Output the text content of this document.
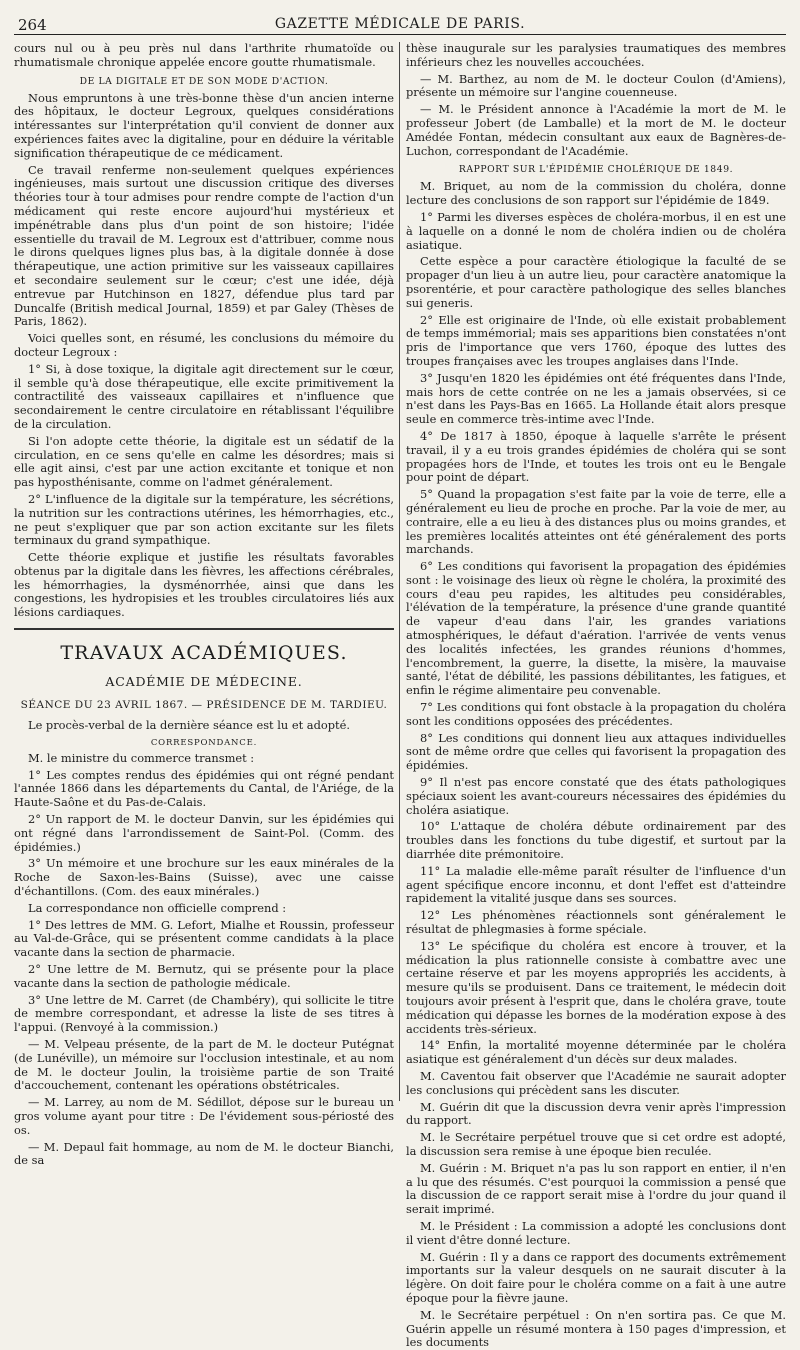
264	GAZETTE MÉDICALE DE PARIS.

cours nul ou à peu près nul dans l'arthrite rhumatoïde ou rhumatismale chronique appelée encore goutte rhumatismale.

DE LA DIGITALE ET DE SON MODE D'ACTION.

Nous empruntons à une très-bonne thèse d'un ancien interne des hôpitaux, le docteur Legroux, quelques considérations intéressantes sur l'interprétation qu'il convient de donner aux expériences faites avec la digitaline, pour en déduire la véritable signification thérapeutique de ce médicament.

Ce travail renferme non-seulement quelques expériences ingénieuses, mais surtout une discussion critique des diverses théories tour à tour admises pour rendre compte de l'action d'un médicament qui reste encore aujourd'hui mystérieux et impénétrable dans plus d'un point de son histoire; l'idée essentielle du travail de M. Legroux est d'attribuer, comme nous le dirons quelques lignes plus bas, à la digitale donnée à dose thérapeutique, une action primitive sur les vaisseaux capillaires et secondaire seulement sur le cœur; c'est une idée, déjà entrevue par Hutchinson en 1827, défendue plus tard par Duncalfe (British medical Journal, 1859) et par Galey (Thèses de Paris, 1862).

Voici quelles sont, en résumé, les conclusions du mémoire du docteur Legroux :

1° Si, à dose toxique, la digitale agit directement sur le cœur, il semble qu'à dose thérapeutique, elle excite primitivement la contractilité des vaisseaux capillaires et n'influence que secondairement le centre circulatoire en rétablissant l'équilibre de la circulation.

Si l'on adopte cette théorie, la digitale est un sédatif de la circulation, en ce sens qu'elle en calme les désordres; mais si elle agit ainsi, c'est par une action excitante et tonique et non pas hyposthénisante, comme on l'admet généralement.

2° L'influence de la digitale sur la température, les sécrétions, la nutrition sur les contractions utérines, les hémorrhagies, etc., ne peut s'expliquer que par son action excitante sur les filets terminaux du grand sympathique.

Cette théorie explique et justifie les résultats favorables obtenus par la digitale dans les fièvres, les affections cérébrales, les hémorrhagies, la dysménorrhée, ainsi que dans les congestions, les hydropisies et les troubles circulatoires liés aux lésions cardiaques.

TRAVAUX ACADÉMIQUES.
ACADÉMIE DE MÉDECINE.
SÉANCE DU 23 AVRIL 1867. — PRÉSIDENCE DE M. TARDIEU.

Le procès-verbal de la dernière séance est lu et adopté.

CORRESPONDANCE.

M. le ministre du commerce transmet :

1° Les comptes rendus des épidémies qui ont régné pendant l'année 1866 dans les départements du Cantal, de l'Ariége, de la Haute-Saône et du Pas-de-Calais.

2° Un rapport de M. le docteur Danvin, sur les épidémies qui ont régné dans l'arrondissement de Saint-Pol. (Comm. des épidémies.)

3° Un mémoire et une brochure sur les eaux minérales de la Roche de Saxon-les-Bains (Suisse), avec une caisse d'échantillons. (Com. des eaux minérales.)

La correspondance non officielle comprend :

1° Des lettres de MM. G. Lefort, Mialhe et Roussin, professeur au Val-de-Grâce, qui se présentent comme candidats à la place vacante dans la section de pharmacie.

2° Une lettre de M. Bernutz, qui se présente pour la place vacante dans la section de pathologie médicale.

3° Une lettre de M. Carret (de Chambéry), qui sollicite le titre de membre correspondant, et adresse la liste de ses titres à l'appui. (Renvoyé à la commission.)

— M. Velpeau présente, de la part de M. le docteur Putégnat (de Lunéville), un mémoire sur l'occlusion intestinale, et au nom de M. le docteur Joulin, la troisième partie de son Traité d'accouchement, contenant les opérations obstétricales.

— M. Larrey, au nom de M. Sédillot, dépose sur le bureau un gros volume ayant pour titre : De l'évidement sous-périosté des os.

— M. Depaul fait hommage, au nom de M. le docteur Bianchi, de sa

thèse inaugurale sur les paralysies traumatiques des membres inférieurs chez les nouvelles accouchées.

— M. Barthez, au nom de M. le docteur Coulon (d'Amiens), présente un mémoire sur l'angine couenneuse.

— M. le Président annonce à l'Académie la mort de M. le professeur Jobert (de Lamballe) et la mort de M. le docteur Amédée Fontan, médecin consultant aux eaux de Bagnères-de-Luchon, correspondant de l'Académie.

RAPPORT SUR L'ÉPIDÉMIE CHOLÉRIQUE DE 1849.

M. Briquet, au nom de la commission du choléra, donne lecture des conclusions de son rapport sur l'épidémie de 1849.

1° Parmi les diverses espèces de choléra-morbus, il en est une à laquelle on a donné le nom de choléra indien ou de choléra asiatique.

Cette espèce a pour caractère étiologique la faculté de se propager d'un lieu à un autre lieu, pour caractère anatomique la psorentérie, et pour caractère pathologique des selles blanches sui generis.

2° Elle est originaire de l'Inde, où elle existait probablement de temps immémorial; mais ses apparitions bien constatées n'ont pris de l'importance que vers 1760, époque des luttes des troupes françaises avec les troupes anglaises dans l'Inde.

3° Jusqu'en 1820 les épidémies ont été fréquentes dans l'Inde, mais hors de cette contrée on ne les a jamais observées, si ce n'est dans les Pays-Bas en 1665. La Hollande était alors presque seule en commerce très-intime avec l'Inde.

4° De 1817 à 1850, époque à laquelle s'arrête le présent travail, il y a eu trois grandes épidémies de choléra qui se sont propagées hors de l'Inde, et toutes les trois ont eu le Bengale pour point de départ.

5° Quand la propagation s'est faite par la voie de terre, elle a généralement eu lieu de proche en proche. Par la voie de mer, au contraire, elle a eu lieu à des distances plus ou moins grandes, et les premières localités atteintes ont été généralement des ports marchands.

6° Les conditions qui favorisent la propagation des épidémies sont : le voisinage des lieux où règne le choléra, la proximité des cours d'eau peu rapides, les altitudes peu considérables, l'élévation de la température, la présence d'une grande quantité de vapeur d'eau dans l'air, les grandes variations atmosphériques, le défaut d'aération. l'arrivée de vents venus des localités infectées, les grandes réunions d'hommes, l'encombrement, la guerre, la disette, la misère, la mauvaise santé, l'état de débilité, les passions débilitantes, les fatigues, et enfin le régime alimentaire peu convenable.

7° Les conditions qui font obstacle à la propagation du choléra sont les conditions opposées des précédentes.

8° Les conditions qui donnent lieu aux attaques individuelles sont de même ordre que celles qui favorisent la propagation des épidémies.

9° Il n'est pas encore constaté que des états pathologiques spéciaux soient les avant-coureurs nécessaires des épidémies du choléra asiatique.

10° L'attaque de choléra débute ordinairement par des troubles dans les fonctions du tube digestif, et surtout par la diarrhée dite prémonitoire.

11° La maladie elle-même paraît résulter de l'influence d'un agent spécifique encore inconnu, et dont l'effet est d'atteindre rapidement la vitalité jusque dans ses sources.

12° Les phénomènes réactionnels sont généralement le résultat de phlegmasies à forme spéciale.

13° Le spécifique du choléra est encore à trouver, et la médication la plus rationnelle consiste à combattre avec une certaine réserve et par les moyens appropriés les accidents, à mesure qu'ils se produisent. Dans ce traitement, le médecin doit toujours avoir présent à l'esprit que, dans le choléra grave, toute médication qui dépasse les bornes de la modération expose à des accidents très-sérieux.

14° Enfin, la mortalité moyenne déterminée par le choléra asiatique est généralement d'un décès sur deux malades.

M. Caventou fait observer que l'Académie ne saurait adopter les conclusions qui précèdent sans les discuter.

M. Guérin dit que la discussion devra venir après l'impression du rapport.

M. le Secrétaire perpétuel trouve que si cet ordre est adopté, la discussion sera remise à une époque bien reculée.

M. Guérin : M. Briquet n'a pas lu son rapport en entier, il n'en a lu que des résumés. C'est pourquoi la commission a pensé que la discussion de ce rapport serait mise à l'ordre du jour quand il serait imprimé.

M. le Président : La commission a adopté les conclusions dont il vient d'être donné lecture.

M. Guérin : Il y a dans ce rapport des documents extrêmement importants sur la valeur desquels on ne saurait discuter à la légère. On doit faire pour le choléra comme on a fait à une autre époque pour la fièvre jaune.

M. le Secrétaire perpétuel : On n'en sortira pas. Ce que M. Guérin appelle un résumé montera à 150 pages d'impression, et les documents
